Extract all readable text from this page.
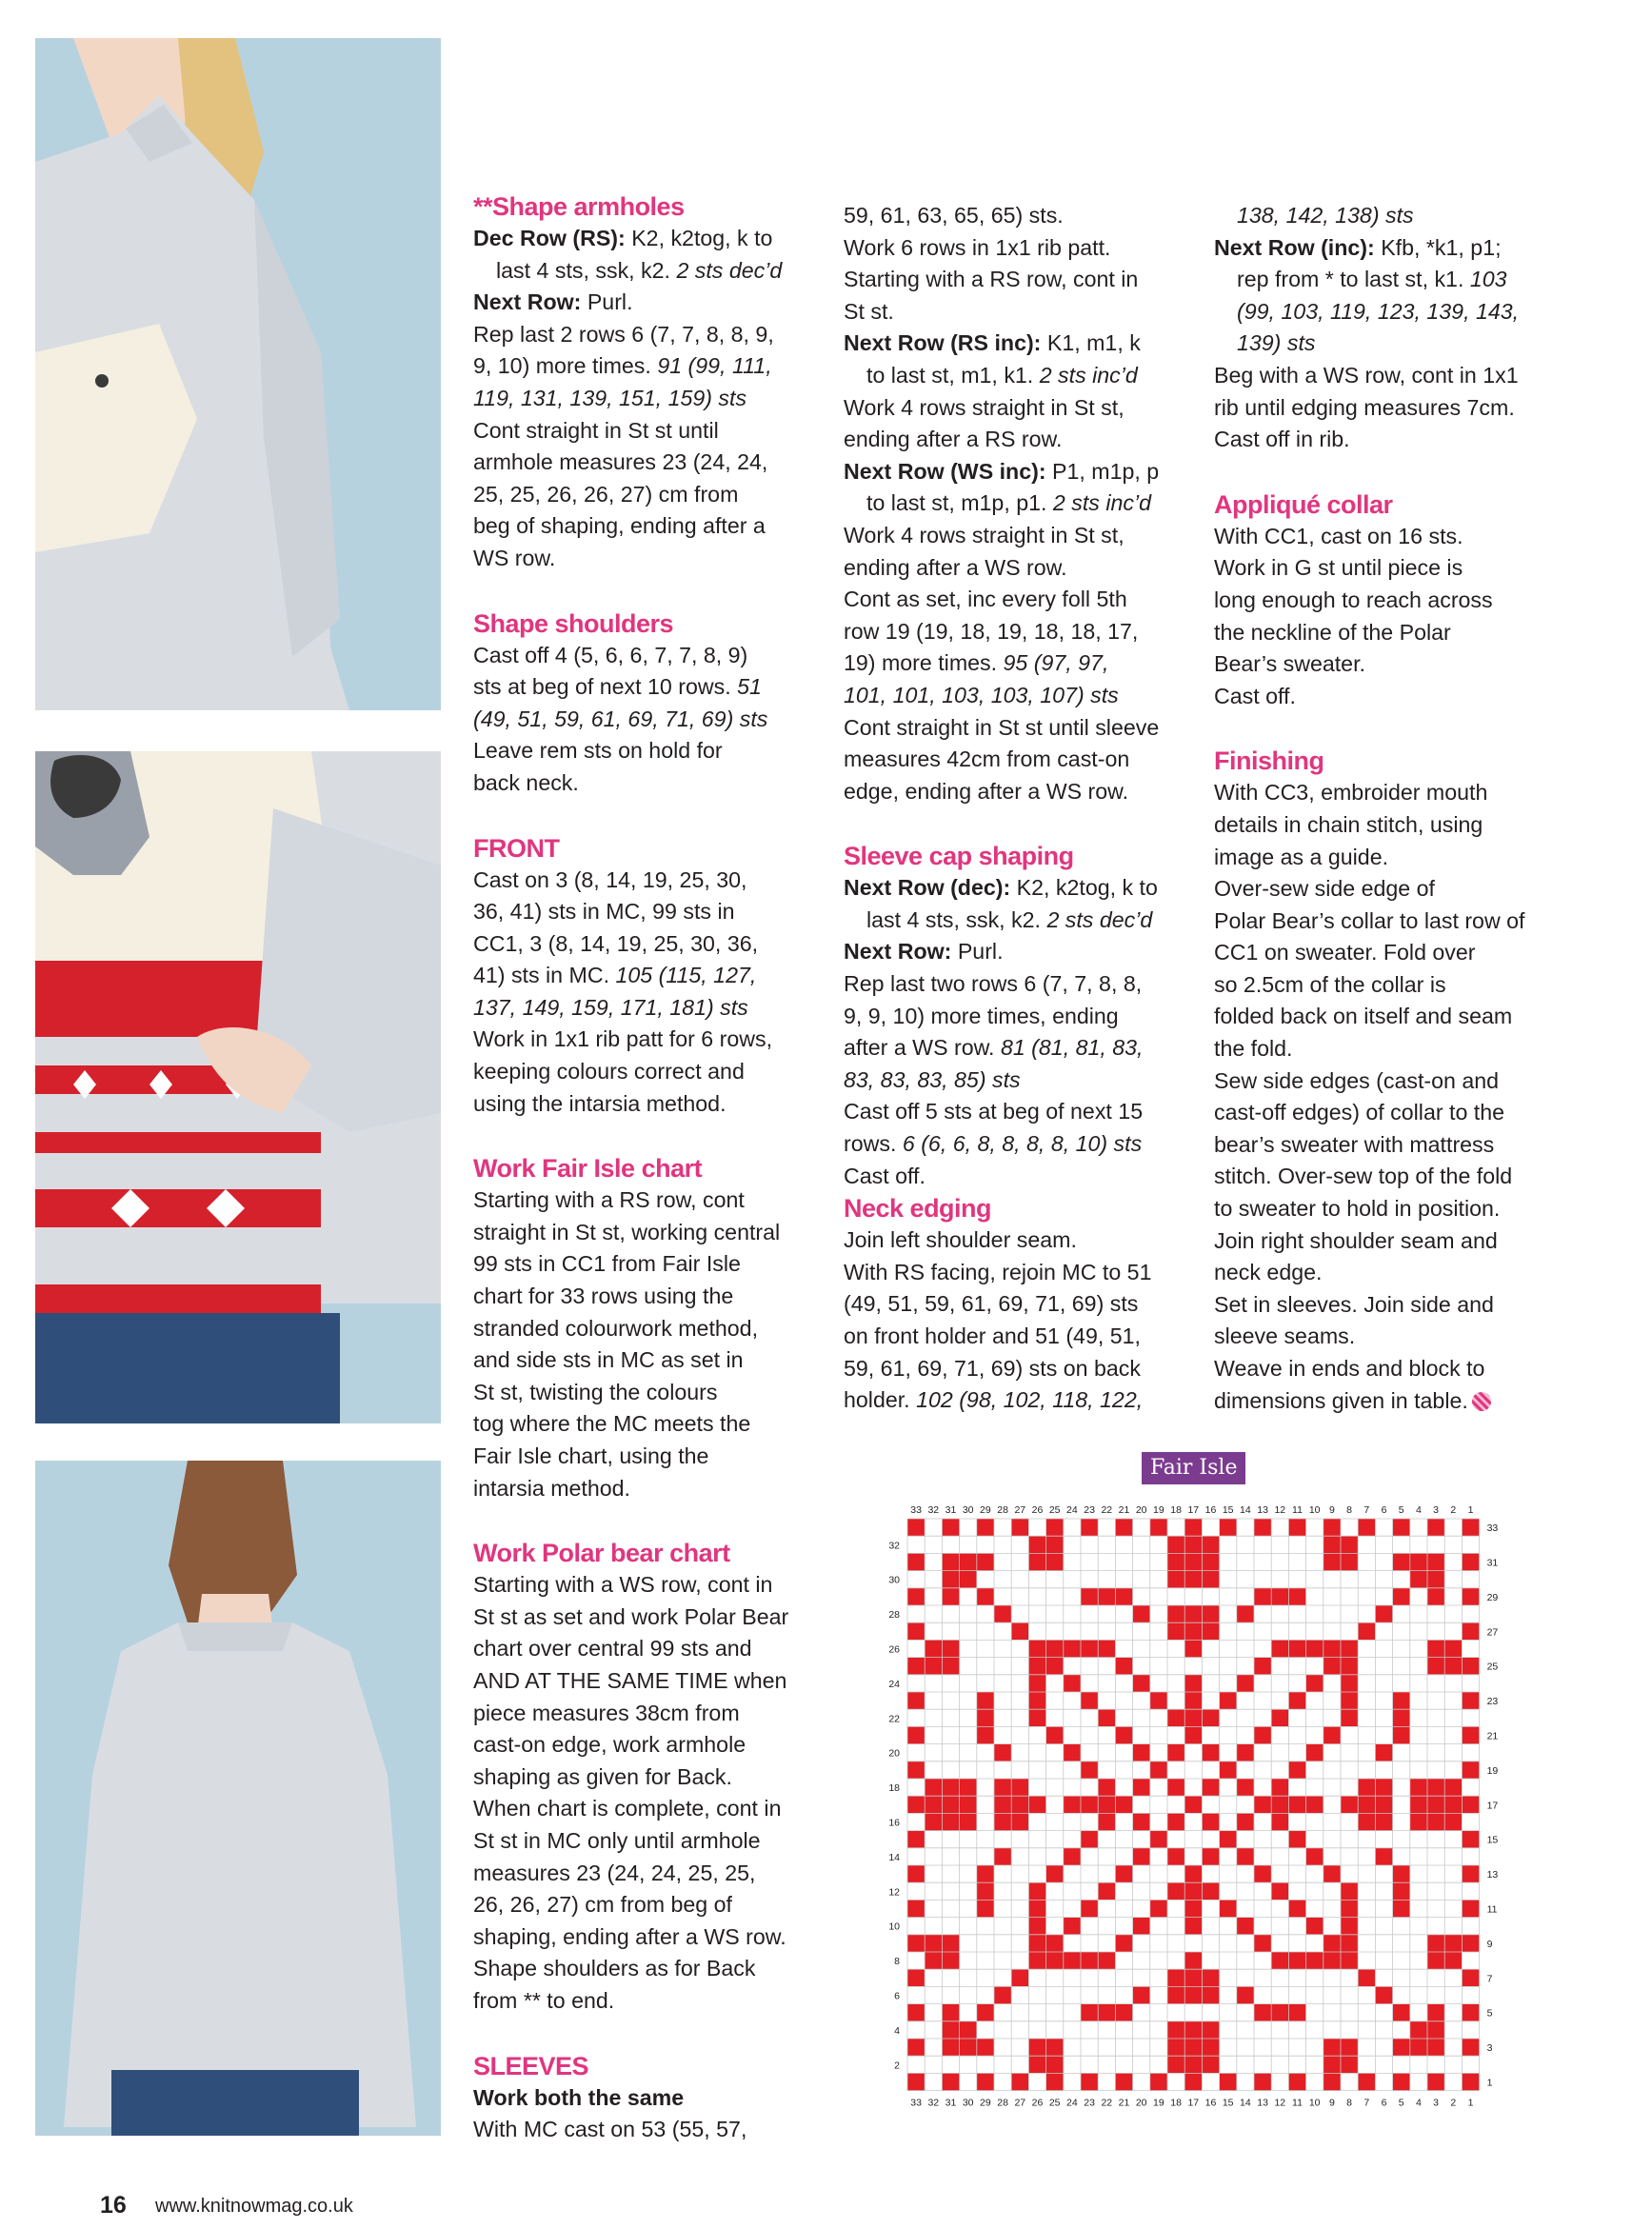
**Shape armholes

Dec Row (RS): K2, k2tog, k to

last 4 sts, ssk, k2. 2 sts dec’d

Next Row: Purl.

Rep last 2 rows 6 (7, 7, 8, 8, 9,

9, 10) more times. 91 (99, 111,

119, 131, 139, 151, 159) sts

Cont straight in St st until

armhole measures 23 (24, 24,

25, 25, 26, 26, 27) cm from

beg of shaping, ending after a

WS row.

Shape shoulders

Cast off 4 (5, 6, 6, 7, 7, 8, 9)

sts at beg of next 10 rows. 51

(49, 51, 59, 61, 69, 71, 69) sts

Leave rem sts on hold for

back neck.

FRONT

Cast on 3 (8, 14, 19, 25, 30,

36, 41) sts in MC, 99 sts in

CC1, 3 (8, 14, 19, 25, 30, 36,

41) sts in MC. 105 (115, 127,

137, 149, 159, 171, 181) sts

Work in 1x1 rib patt for 6 rows,

keeping colours correct and

using the intarsia method.

Work Fair Isle chart

Starting with a RS row, cont

straight in St st, working central

99 sts in CC1 from Fair Isle

chart for 33 rows using the

stranded colourwork method,

and side sts in MC as set in

St st, twisting the colours

tog where the MC meets the

Fair Isle chart, using the

intarsia method.

Work Polar bear chart

Starting with a WS row, cont in

St st as set and work Polar Bear

chart over central 99 sts and

AND AT THE SAME TIME when

piece measures 38cm from

cast-on edge, work armhole

shaping as given for Back.

When chart is complete, cont in

St st in MC only until armhole

measures 23 (24, 24, 25, 25,

26, 26, 27) cm from beg of

shaping, ending after a WS row.

Shape shoulders as for Back

from ** to end.

SLEEVES

Work both the same

With MC cast on 53 (55, 57,

59, 61, 63, 65, 65) sts.

Work 6 rows in 1x1 rib patt.

Starting with a RS row, cont in

St st.

Next Row (RS inc): K1, m1, k

to last st, m1, k1. 2 sts inc’d

Work 4 rows straight in St st,

ending after a RS row.

Next Row (WS inc): P1, m1p, p

to last st, m1p, p1. 2 sts inc’d

Work 4 rows straight in St st,

ending after a WS row.

Cont as set, inc every foll 5th

row 19 (19, 18, 19, 18, 18, 17,

19) more times. 95 (97, 97,

101, 101, 103, 103, 107) sts

Cont straight in St st until sleeve

measures 42cm from cast-on

edge, ending after a WS row.

Sleeve cap shaping

Next Row (dec): K2, k2tog, k to

last 4 sts, ssk, k2. 2 sts dec’d

Next Row: Purl.

Rep last two rows 6 (7, 7, 8, 8,

9, 9, 10) more times, ending

after a WS row. 81 (81, 81, 83,

83, 83, 83, 85) sts

Cast off 5 sts at beg of next 15

rows. 6 (6, 6, 8, 8, 8, 8, 10) sts

Cast off.

Neck edging

Join left shoulder seam.

With RS facing, rejoin MC to 51

(49, 51, 59, 61, 69, 71, 69) sts

on front holder and 51 (49, 51,

59, 61, 69, 71, 69) sts on back

holder. 102 (98, 102, 118, 122,

138, 142, 138) sts

Next Row (inc): Kfb, *k1, p1;

rep from * to last st, k1. 103

(99, 103, 119, 123, 139, 143,

139) sts

Beg with a WS row, cont in 1x1

rib until edging measures 7cm.

Cast off in rib.

Appliqué collar

With CC1, cast on 16 sts.

Work in G st until piece is

long enough to reach across

the neckline of the Polar

Bear’s sweater.

Cast off.

Finishing

With CC3, embroider mouth

details in chain stitch, using

image as a guide.

Over-sew side edge of

Polar Bear’s collar to last row of

CC1 on sweater. Fold over

so 2.5cm of the collar is

folded back on itself and seam

the fold.

Sew side edges (cast-on and

cast-off edges) of collar to the

bear’s sweater with mattress

stitch. Over-sew top of the fold

to sweater to hold in position.

Join right shoulder seam and

neck edge.

Set in sleeves. Join side and

sleeve seams.

Weave in ends and block to

dimensions given in table.

Fair Isle
33
33
32
32
31
31
30
30
29
29
28
28
27
27
26
26
25
25
24
24
23
23
22
22
21
21
20
20
19
19
18
18
17
17
16
16
15
15
14
14
13
13
12
12
11
11
10
10
9
9
8
8
7
7
6
6
5
5
4
4
3
3
2
2
1
1
32
30
28
26
24
22
20
18
16
14
12
10
8
6
4
2
33
31
29
27
25
23
21
19
17
15
13
11
9
7
5
3
1
16 www.knitnowmag.co.uk
